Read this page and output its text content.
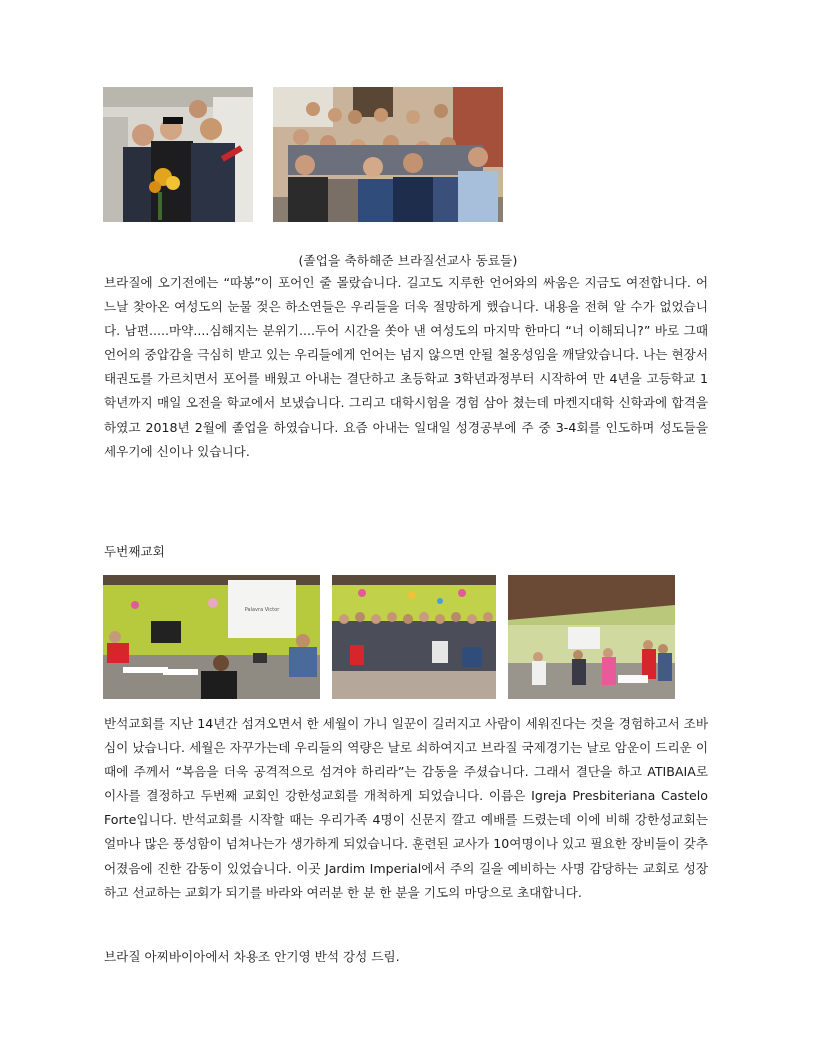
(졸업을 축하해준 브라질선교사 동료들)

브라질에 오기전에는 “따봉”이 포어인 줄 몰랐습니다. 길고도 지루한 언어와의 싸움은 지금도 여전합니다. 어느날 찾아온 여성도의 눈물 젖은 하소연들은 우리들을 더욱 절망하게 했습니다. 내용을 전혀 알 수가 없었습니다. 남편.....마약....심해지는 분위기....두어 시간을 쏫아 낸 여성도의 마지막 한마디 “너 이해되니?” 바로 그때 언어의 중압감을 극심히 받고 있는 우리들에게 언어는 넘지 않으면 안될 철옹성임을 깨달았습니다. 나는 현장서 태권도를 가르치면서 포어를 배웠고 아내는 결단하고 초등학교 3학년과정부터 시작하여 만 4년을 고등학교 1학년까지 매일 오전을 학교에서 보냈습니다. 그리고 대학시험을 경험 삼아 쳤는데 마켄지대학 신학과에 합격을 하였고 2018년 2월에 졸업을 하였습니다. 요즘 아내는 일대일 성경공부에 주 중 3-4회를 인도하며 성도들을 세우기에 신이나 있습니다.

두번째교회

Palavra Victor

반석교회를 지난 14년간 섬겨오면서 한 세월이 가니 일꾼이 길러지고 사람이 세워진다는 것을 경험하고서 조바심이 났습니다. 세월은 자꾸가는데 우리들의 역량은 날로 쇠하여지고 브라질 국제경기는 날로 암운이 드리운 이때에 주께서 “복음을 더욱 공격적으로 섬겨야 하리라”는 감동을 주셨습니다. 그래서 결단을 하고 ATIBAIA로 이사를 결정하고 두번째 교회인 강한성교회를 개척하게 되었습니다. 이름은 Igreja Presbiteriana Castelo Forte입니다. 반석교회를 시작할 때는 우리가족 4명이 신문지 깔고 예배를 드렸는데 이에 비해 강한성교회는 얼마나 많은 풍성함이 넘쳐나는가 생가하게 되었습니다. 훈련된 교사가 10여명이나 있고 필요한 장비들이 갖추어졌음에 진한 감동이 있었습니다. 이곳 Jardim Imperial에서 주의 길을 예비하는 사명 감당하는 교회로 성장하고 선교하는 교회가 되기를 바라와 여러분 한 분 한 분을 기도의 마당으로 초대합니다.

브라질 아찌바이아에서 차용조 안기영 반석 강성 드림.
